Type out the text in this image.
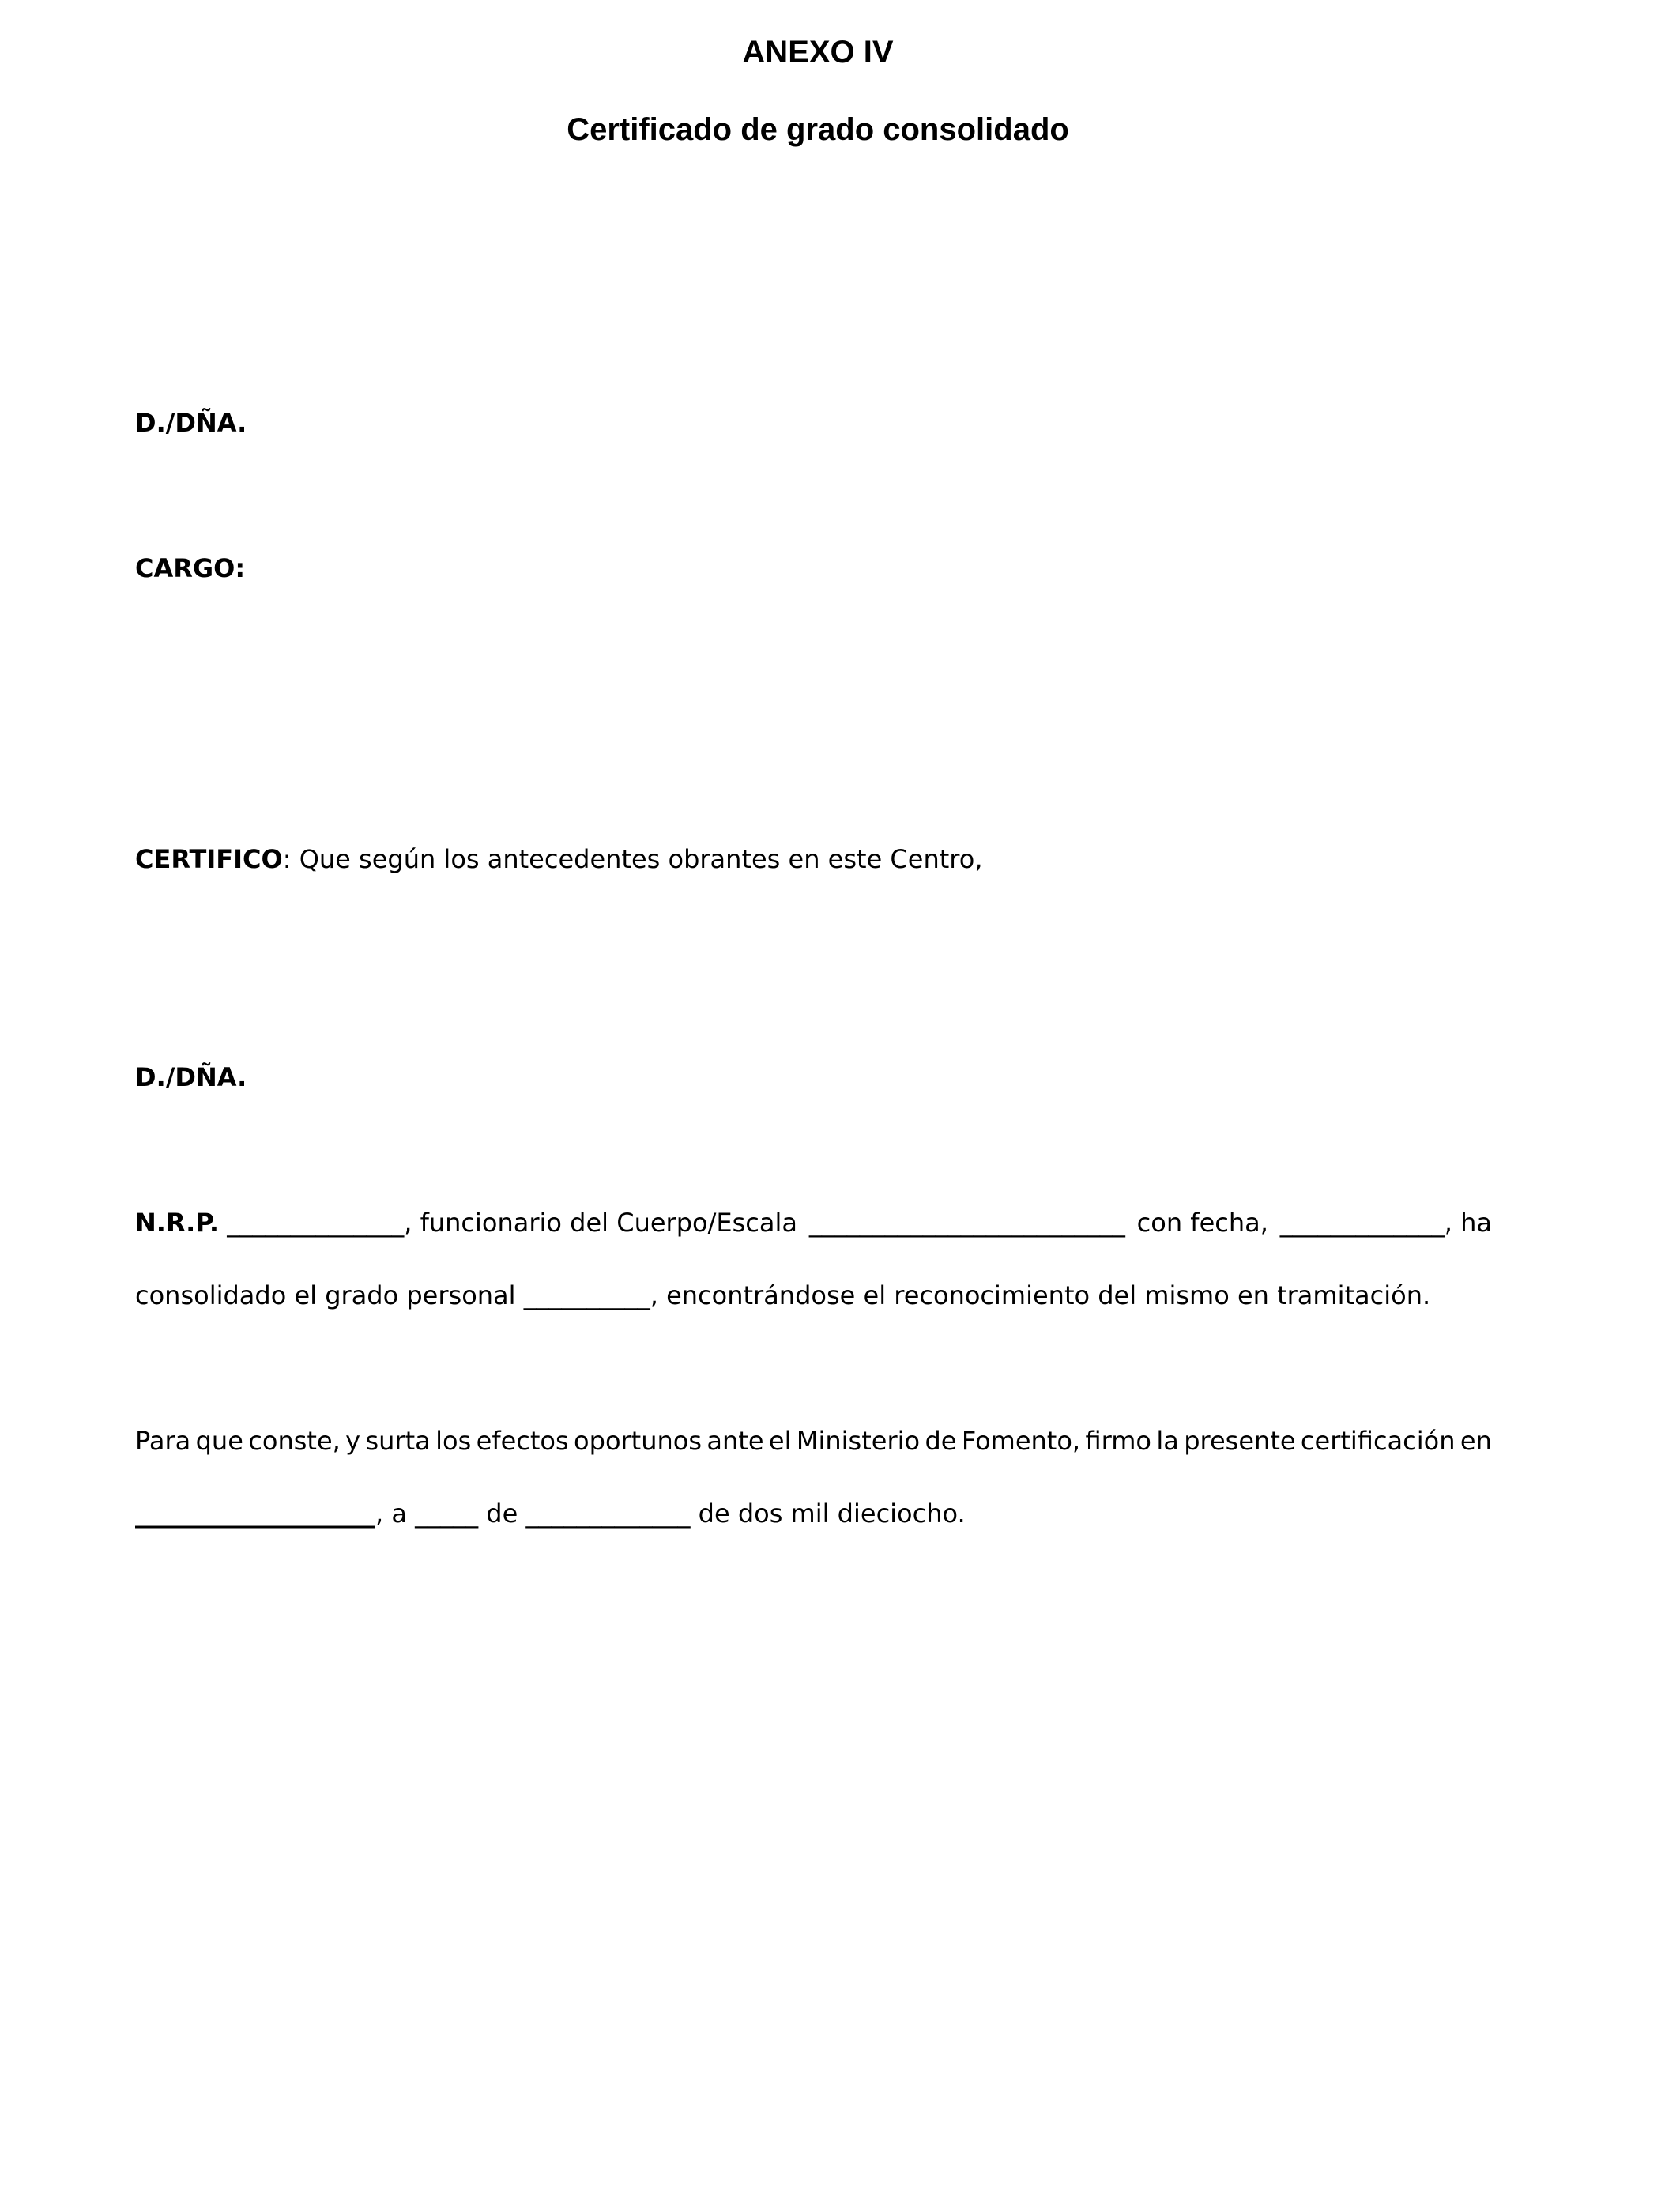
ANEXO IV
Certificado de grado consolidado
D./DÑA.
CARGO:
CERTIFICO: Que según los antecedentes obrantes en este Centro,
D./DÑA.
N.R.P. ______________, funcionario del Cuerpo/Escala _________________________ con fecha, _____________, ha
consolidado el grado personal __________, encontrándose el reconocimiento del mismo en tramitación.
Para que conste, y surta los efectos oportunos ante el Ministerio de Fomento, firmo la presente certificación en
___________________, a _____ de _____________ de dos mil dieciocho.
